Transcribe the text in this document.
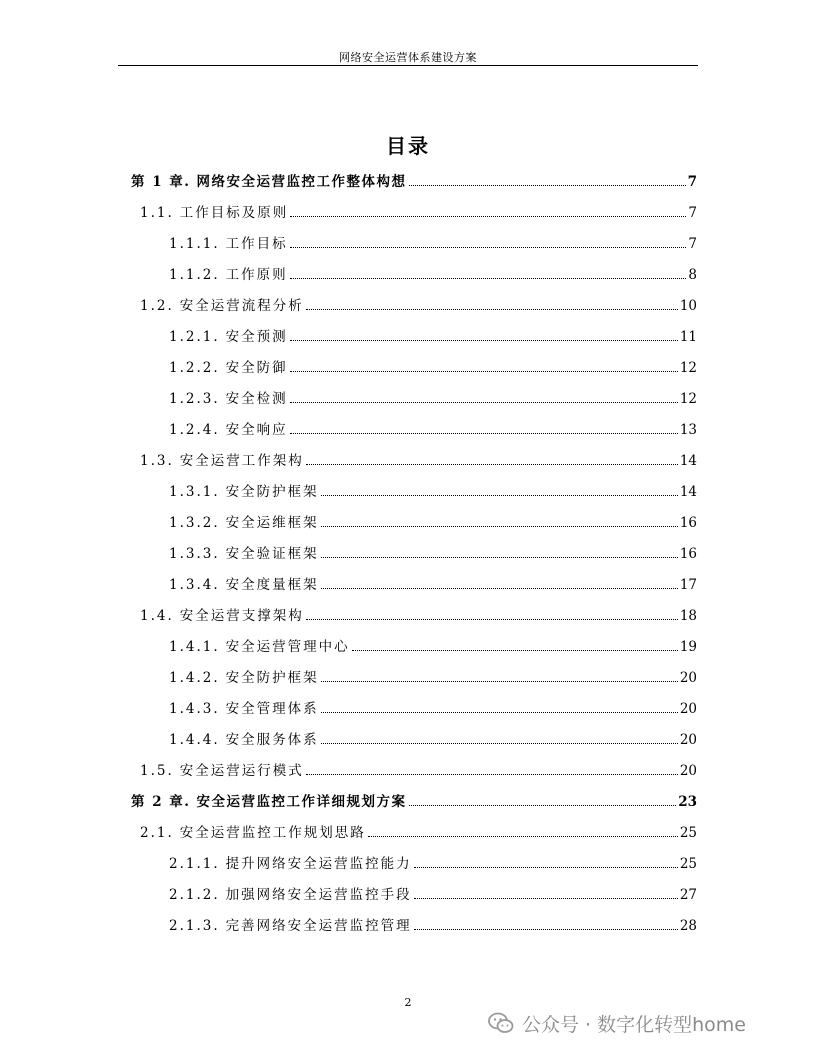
网络安全运营体系建设方案
目录
第 1 章. 网络安全运营监控工作整体构想	7
1.1. 工作目标及原则	7
1.1.1. 工作目标	7
1.1.2. 工作原则	8
1.2. 安全运营流程分析	10
1.2.1. 安全预测	11
1.2.2. 安全防御	12
1.2.3. 安全检测	12
1.2.4. 安全响应	13
1.3. 安全运营工作架构	14
1.3.1. 安全防护框架	14
1.3.2. 安全运维框架	16
1.3.3. 安全验证框架	16
1.3.4. 安全度量框架	17
1.4. 安全运营支撑架构	18
1.4.1. 安全运营管理中心	19
1.4.2. 安全防护框架	20
1.4.3. 安全管理体系	20
1.4.4. 安全服务体系	20
1.5. 安全运营运行模式	20
第 2 章. 安全运营监控工作详细规划方案	23
2.1. 安全运营监控工作规划思路	25
2.1.1. 提升网络安全运营监控能力	25
2.1.2. 加强网络安全运营监控手段	27
2.1.3. 完善网络安全运营监控管理	28
2
公众号 · 数字化转型home
